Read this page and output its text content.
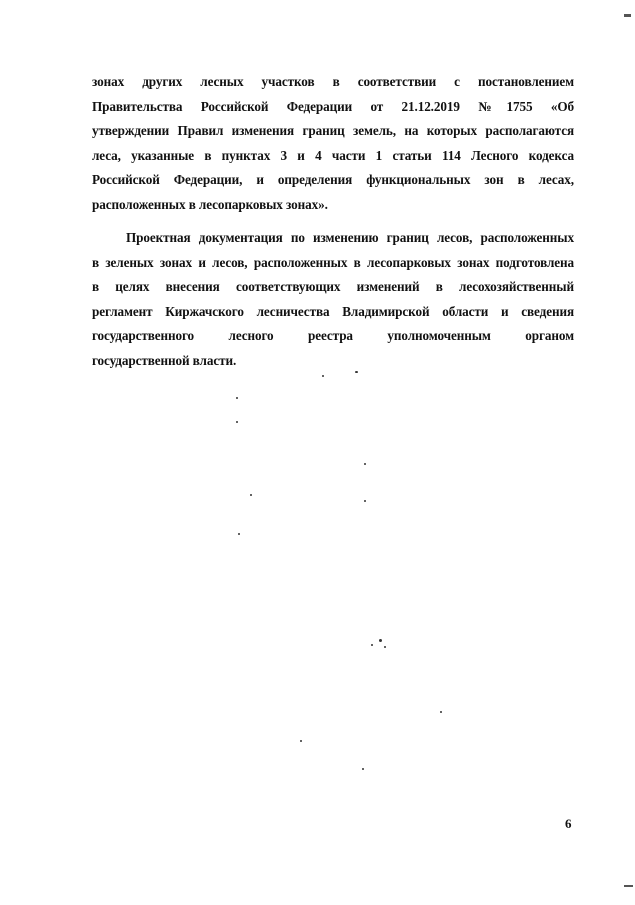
зонах других лесных участков в соответствии с постановлением
Правительства Российской Федерации от 21.12.2019 №1755 «Об
утверждении Правил изменения границ земель, на которых располагаются
леса, указанные в пунктах 3 и 4 части 1 статьи 114 Лесного кодекса
Российской Федерации, и определения функциональных зон в лесах,
расположенных в лесопарковых зонах».
Проектная документация по изменению границ лесов, расположенных
в зеленых зонах и лесов, расположенных в лесопарковых зонах подготовлена
в целях внесения соответствующих изменений в лесохозяйственный
регламент Киржачского лесничества Владимирской области и сведения
государственного лесного реестра уполномоченным органом
государственной власти.
6
